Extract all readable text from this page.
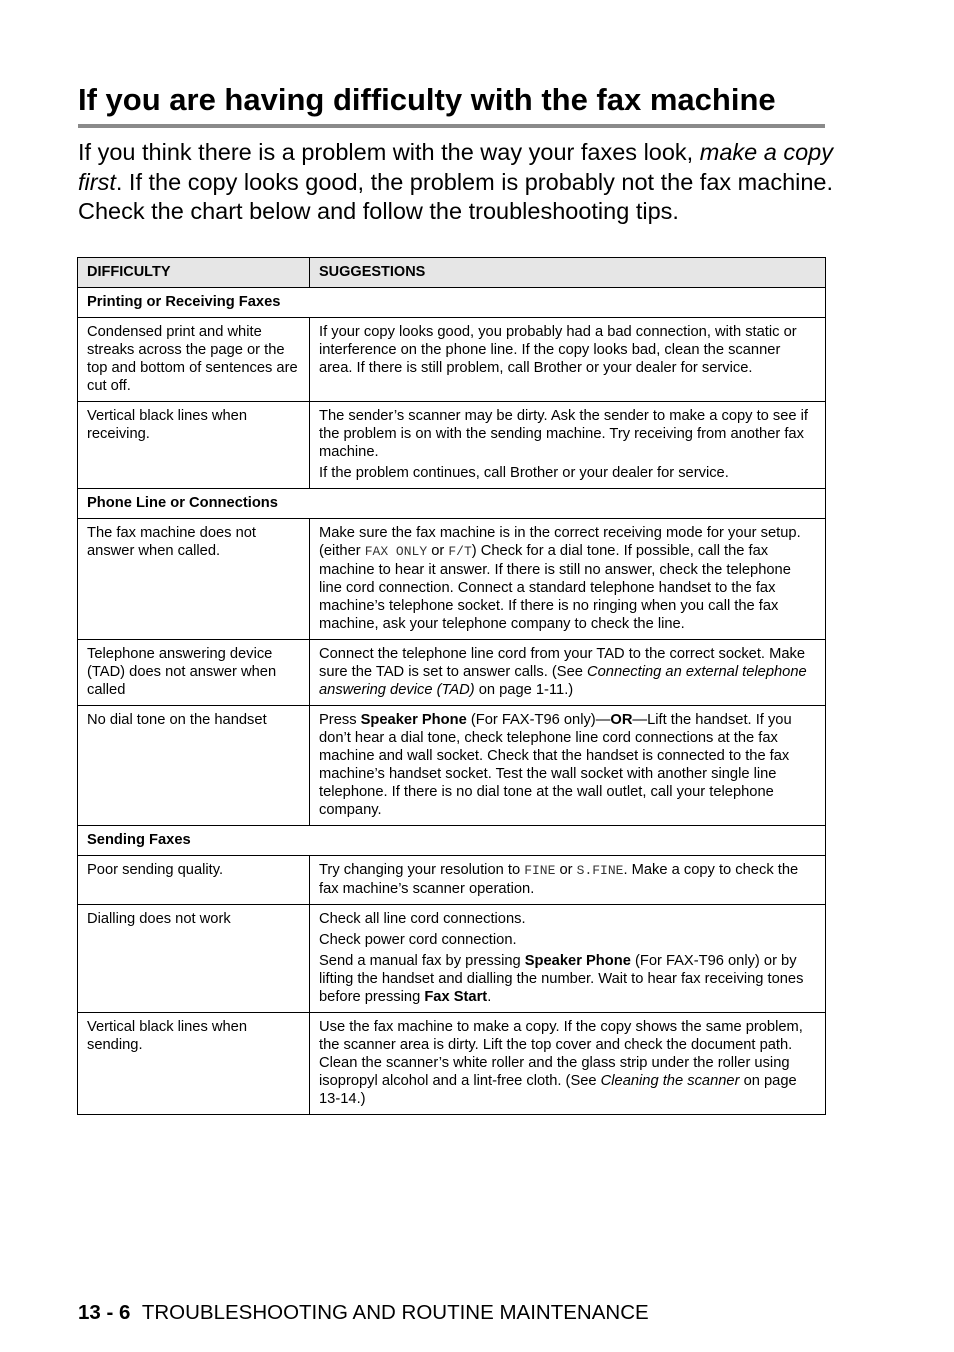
If you are having difficulty with the fax machine

If you think there is a problem with the way your faxes look, make a copy first. If the copy looks good, the problem is probably not the fax machine. Check the chart below and follow the troubleshooting tips.

DIFFICULTY	SUGGESTIONS
Printing or Receiving Faxes	
Condensed print and white streaks across the page or the top and bottom of sentences are cut off.	If your copy looks good, you probably had a bad connection, with static or interference on the phone line. If the copy looks bad, clean the scanner area. If there is still problem, call Brother or your dealer for service.
Vertical black lines when receiving.	The sender’s scanner may be dirty. Ask the sender to make a copy to see if the problem is on with the sending machine. Try receiving from another fax machine.
If the problem continues, call Brother or your dealer for service.

Phone Line or Connections	
The fax machine does not answer when called.	Make sure the fax machine is in the correct receiving mode for your setup. (either FAX ONLY or F/T) Check for a dial tone. If possible, call the fax machine to hear it answer. If there is still no answer, check the telephone line cord connection. Connect a standard telephone handset to the fax machine’s telephone socket. If there is no ringing when you call the fax machine, ask your telephone company to check the line.
Telephone answering device (TAD) does not answer when called	Connect the telephone line cord from your TAD to the correct socket. Make sure the TAD is set to answer calls. (See Connecting an external telephone answering device (TAD) on page 1-11.)
No dial tone on the handset	Press Speaker Phone (For FAX-T96 only)—OR—Lift the handset. If you don’t hear a dial tone, check telephone line cord connections at the fax machine and wall socket. Check that the handset is connected to the fax machine’s handset socket. Test the wall socket with another single line telephone. If there is no dial tone at the wall outlet, call your telephone company.
Sending Faxes	
Poor sending quality.	Try changing your resolution to FINE or S.FINE. Make a copy to check the fax machine’s scanner operation.
Dialling does not work	Check all line cord connections.
Check power cord connection.
Send a manual fax by pressing Speaker Phone (For FAX-T96 only) or by lifting the handset and dialling the number. Wait to hear fax receiving tones before pressing Fax Start.

Vertical black lines when sending.	Use the fax machine to make a copy. If the copy shows the same problem, the scanner area is dirty. Lift the top cover and check the document path. Clean the scanner’s white roller and the glass strip under the roller using isopropyl alcohol and a lint-free cloth. (See Cleaning the scanner on page 13-14.)

13 - 6 TROUBLESHOOTING AND ROUTINE MAINTENANCE
